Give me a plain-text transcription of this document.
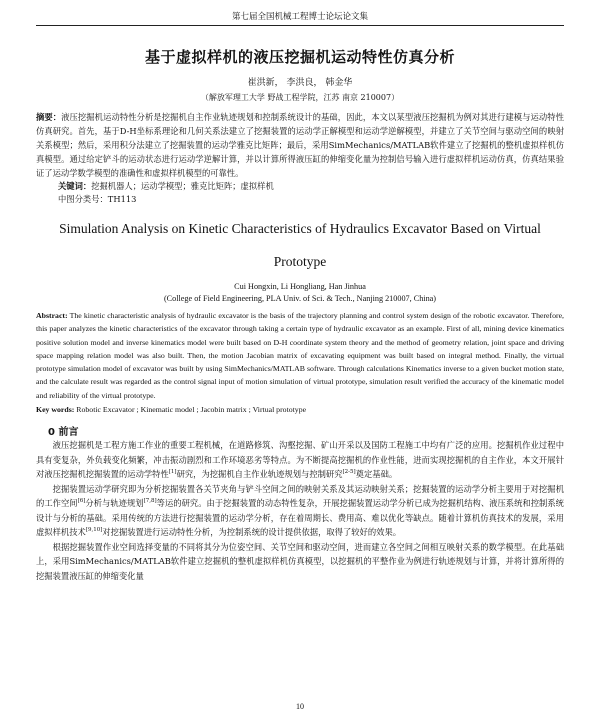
第七届全国机械工程博士论坛论文集
基于虚拟样机的液压挖掘机运动特性仿真分析
崔洪新， 李洪良， 韩金华
（解放军理工大学 野战工程学院，江苏 南京 210007）
摘要：液压挖掘机运动特性分析是挖掘机自主作业轨迹规划和控制系统设计的基础，因此，本文以某型液压挖掘机为例对其进行建模与运动特性仿真研究。首先，基于D-H坐标系理论和几何关系法建立了挖掘装置的运动学正解模型和运动学逆解模型，并建立了关节空间与驱动空间的映射关系模型；然后，采用积分法建立了挖掘装置的运动学雅克比矩阵；最后，采用SimMechanics/MATLAB软件建立了挖掘机的整机虚拟样机仿真模型。通过给定铲斗的运动状态进行运动学逆解计算，并以计算所得液压缸的伸缩变化量为控制信号输入进行虚拟样机运动仿真，仿真结果验证了运动学数学模型的准确性和虚拟样机模型的可靠性。
关键词：挖掘机器人；运动学模型；雅克比矩阵；虚拟样机
中图分类号：TH113
Simulation Analysis on Kinetic Characteristics of Hydraulics Excavator Based on Virtual Prototype
Cui Hongxin, Li Hongliang, Han Jinhua
(College of Field Engineering, PLA Univ. of Sci. & Tech., Nanjing 210007, China)
Abstract: The kinetic characteristic analysis of hydraulic excavator is the basis of the trajectory planning and control system design of the robotic excavator. Therefore, this paper analyzes the kinetic characteristics of the excavator through taking a certain type of hydraulic excavator as an example. First of all, mining device kinematics positive solution model and inverse kinematics model were built based on D-H coordinate system theory and the method of geometry relation, joint space and driving space mapping relation model was also built. Then, the motion Jacobian matrix of excavating equipment was built based on integral method. Finally, the virtual prototype simulation model of excavator was built by using SimMechanics/MATLAB software. Through calculations Kinematics inverse to a given bucket motion state, and the calculate result was regarded as the control signal input of motion simulation of virtual prototype, simulation result verified the accuracy of the kinematic model and reliability of the virtual prototype.
Key words: Robotic Excavator ; Kinematic model ; Jacobin matrix ; Virtual prototype
0 前言

液压挖掘机是工程方施工作业的重要工程机械，在道路修筑、沟壑挖掘、矿山开采以及国防工程施工中均有广泛的应用。挖掘机作业过程中具有变复杂，外负载变化频繁，冲击振动剧烈和工作环境恶劣等特点。为不断提高挖掘机的作业性能，进而实现挖掘机的自主作业，本文开展针对液压挖掘机挖掘装置的运动学特性[1]研究，为挖掘机自主作业轨迹规划与控制研究[2-5]奠定基础。

挖掘装置运动学研究即为分析挖掘装置各关节夹角与铲斗空间之间的映射关系及其运动映射关系；挖掘装置的运动学分析主要用于对挖掘机的工作空间[6]分析与轨迹规划[7,8]等运的研究。由于挖掘装置的动态特性复杂，开展挖掘装置运动学分析已成为挖掘机结构、液压系统和控制系统设计与分析的基础。采用传统的方法进行挖掘装置的运动学分析，存在着周期长、费用高、难以优化等缺点。随着计算机仿真技术的发展，采用虚拟样机技术[9,10]对挖掘装置进行运动特性分析，为控制系统的设计提供依据，取得了较好的效果。

根据挖掘装置作业空间选择变量的不同将其分为位姿空间、关节空间和驱动空间，进而建立各空间之间相互映射关系的数学模型。在此基础上，采用SimMechanics/MATLAB软件建立挖掘机的整机虚拟样机仿真模型，以挖掘机的平整作业为例进行轨迹规划与计算，并将计算所得的挖掘装置液压缸的伸缩变化量

10
